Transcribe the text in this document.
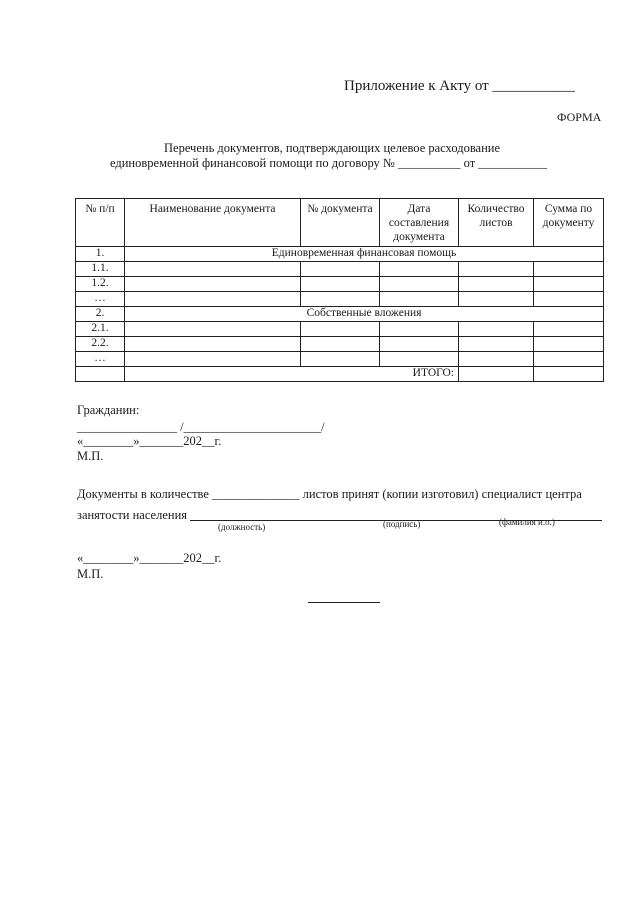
Приложение к Акту от ___________
ФОРМА
Перечень документов, подтверждающих целевое расходование
единовременной финансовой помощи по договору № __________ от ___________
№ п/п	Наименование документа	№ документа	Дата составления документа	Количество листов	Сумма по документу
1.	Единовременная финансовая помощь				
1.1.					
1.2.					
…					
2.	Собственные вложения				
2.1.					
2.2.					
…					
	ИТОГО:				
Гражданин:
________________ /______________________/
«________»_______202__г.
М.П.
Документы в количестве ______________ листов принят (копии изготовил) специалист центра
занятости населения
(должность)	(подпись)	(фамилия и.о.)
«________»_______202__г.
М.П.
